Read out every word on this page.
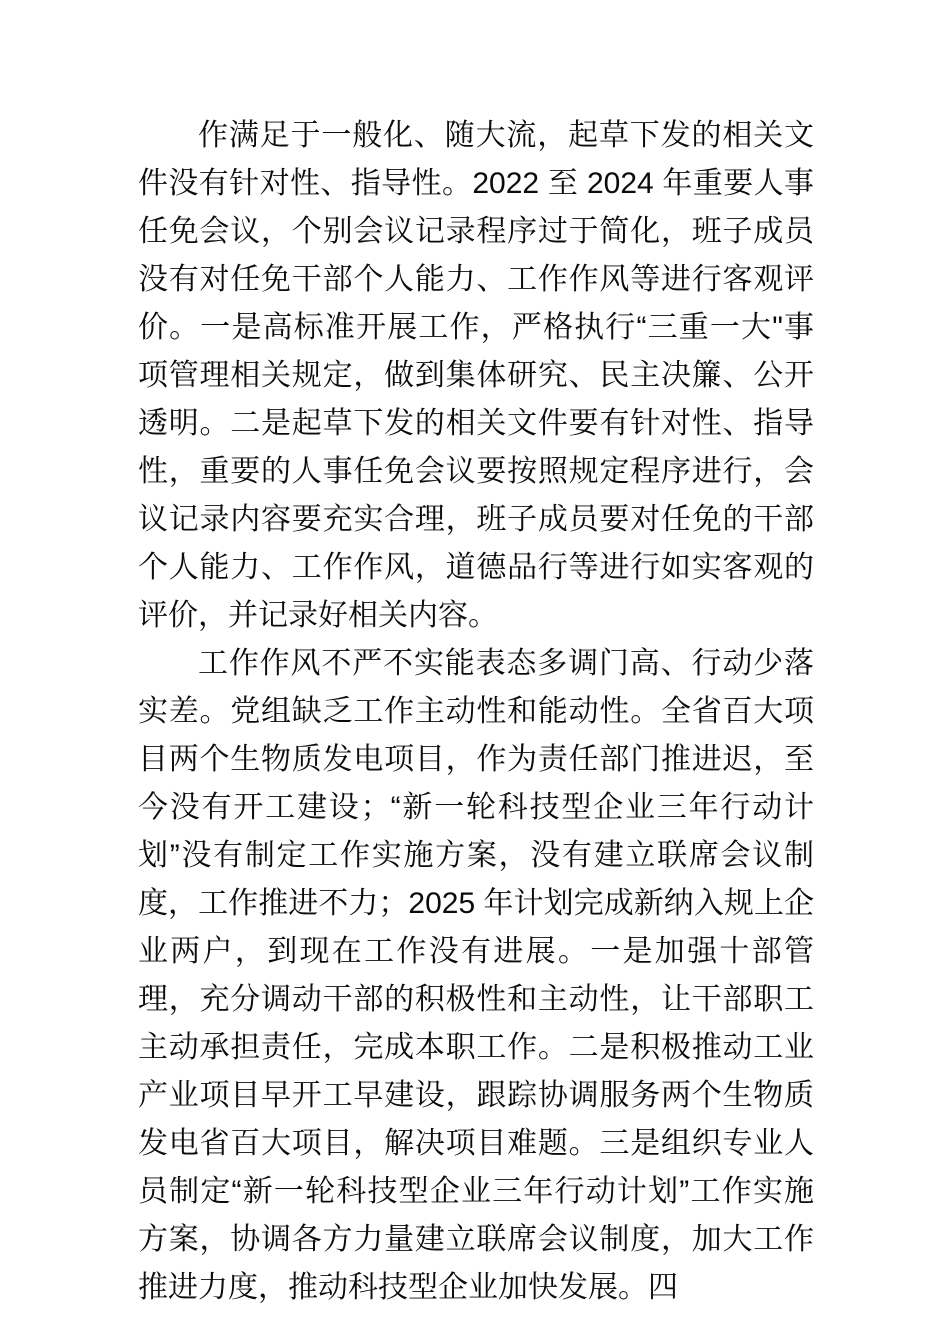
作满足于一般化、随大流，起草下发的相关文件没有针对性、指导性。2022 至 2024 年重要人事任免会议，个别会议记录程序过于简化，班子成员没有对任免干部个人能力、工作作风等进行客观评价。一是高标准开展工作，严格执行“三重一大"事项管理相关规定，做到集体研究、民主决簾、公开透明。二是起草下发的相关文件要有针对性、指导性，重要的人事任免会议要按照规定程序进行，会议记录内容要充实合理，班子成员要对任免的干部个人能力、工作作风，道德品行等进行如实客观的评价，并记录好相关内容。

工作作风不严不实能表态多调门高、行动少落实差。党组缺乏工作主动性和能动性。全省百大项目两个生物质发电项目，作为责任部门推进迟，至今没有开工建设；“新一轮科技型企业三年行动计划”没有制定工作实施方案，没有建立联席会议制度，工作推进不力；2025 年计划完成新纳入规上企业两户，到现在工作没有进展。一是加强十部管理，充分调动干部的积极性和主动性，让干部职工主动承担责任，完成本职工作。二是积极推动工业产业项目早开工早建设，跟踪协调服务两个生物质发电省百大项目，解决项目难题。三是组织专业人员制定“新一轮科技型企业三年行动计划”工作实施方案，协调各方力量建立联席会议制度，加大工作推进力度，推动科技型企业加快发展。四
